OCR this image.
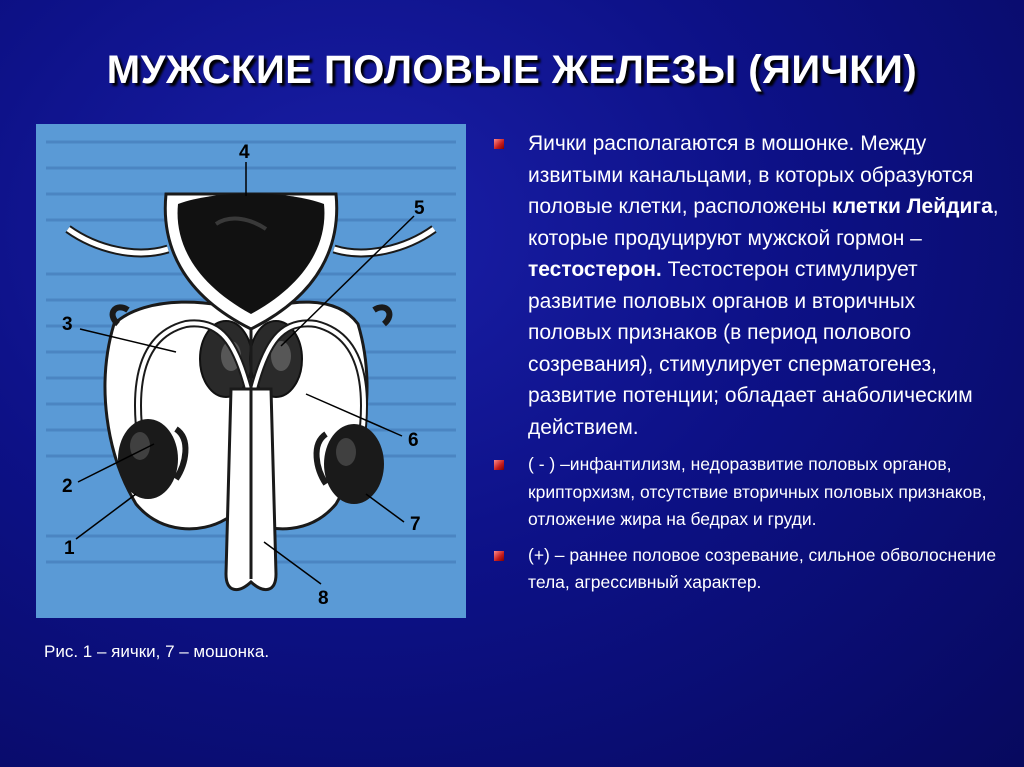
МУЖСКИЕ ПОЛОВЫЕ ЖЕЛЕЗЫ (ЯИЧКИ)
1
2
3
4
5
6
7
8
Рис. 1 – яички, 7 – мошонка.
Яички располагаются в мошонке. Между извитыми канальцами, в которых образуются половые клетки, расположены клетки Лейдига, которые продуцируют мужской гормон – тестостерон. Тестостерон стимулирует развитие половых органов и вторичных половых признаков (в период полового созревания), стимулирует сперматогенез, развитие потенции; обладает анаболическим действием.
( - ) –инфантилизм, недоразвитие половых органов, крипторхизм, отсутствие вторичных половых признаков, отложение жира на бедрах и груди.
(+) – раннее половое созревание, сильное обволоснение тела, агрессивный характер.
